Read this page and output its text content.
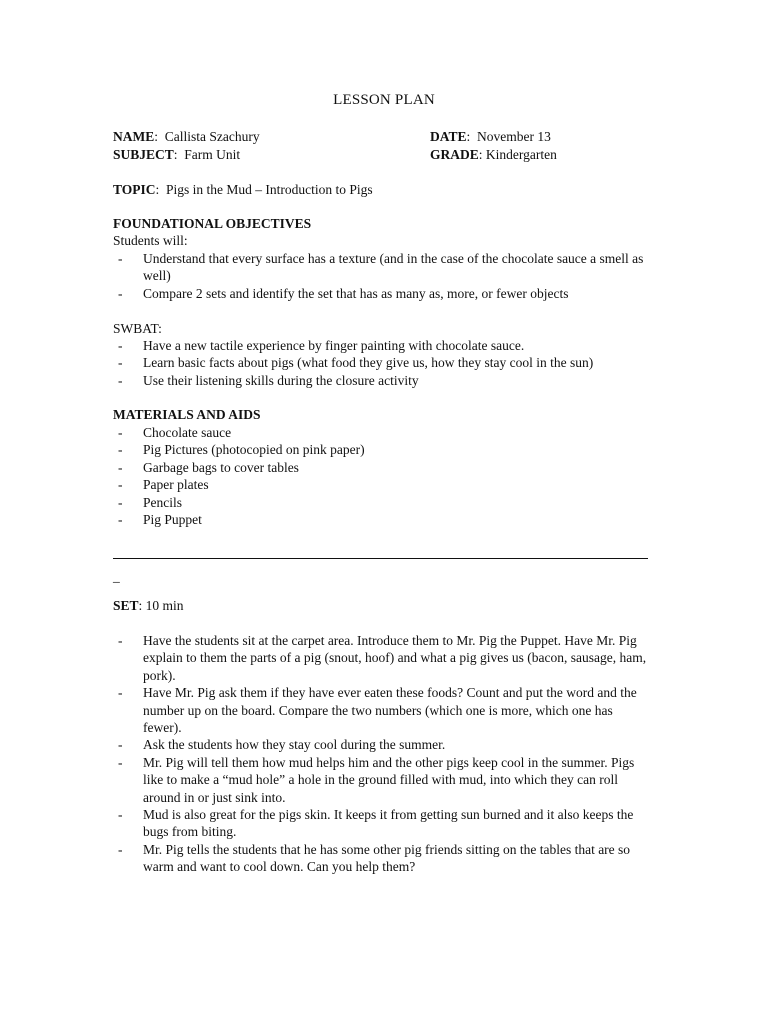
LESSON PLAN
NAME: Callista Szachury	DATE: November 13
SUBJECT: Farm Unit	GRADE: Kindergarten
TOPIC: Pigs in the Mud – Introduction to Pigs
FOUNDATIONAL OBJECTIVES
Students will:
- Understand that every surface has a texture (and in the case of the chocolate sauce a smell as well)
- Compare 2 sets and identify the set that has as many as, more, or fewer objects
SWBAT:
- Have a new tactile experience by finger painting with chocolate sauce.
- Learn basic facts about pigs (what food they give us, how they stay cool in the sun)
- Use their listening skills during the closure activity
MATERIALS AND AIDS
- Chocolate sauce
- Pig Pictures (photocopied on pink paper)
- Garbage bags to cover tables
- Paper plates
- Pencils
- Pig Puppet
_
SET: 10 min
- Have the students sit at the carpet area. Introduce them to Mr. Pig the Puppet. Have Mr. Pig explain to them the parts of a pig (snout, hoof) and what a pig gives us (bacon, sausage, ham, pork).
- Have Mr. Pig ask them if they have ever eaten these foods? Count and put the word and the number up on the board. Compare the two numbers (which one is more, which one has fewer).
- Ask the students how they stay cool during the summer.
- Mr. Pig will tell them how mud helps him and the other pigs keep cool in the summer. Pigs like to make a “mud hole” a hole in the ground filled with mud, into which they can roll around in or just sink into.
- Mud is also great for the pigs skin. It keeps it from getting sun burned and it also keeps the bugs from biting.
- Mr. Pig tells the students that he has some other pig friends sitting on the tables that are so warm and want to cool down. Can you help them?
